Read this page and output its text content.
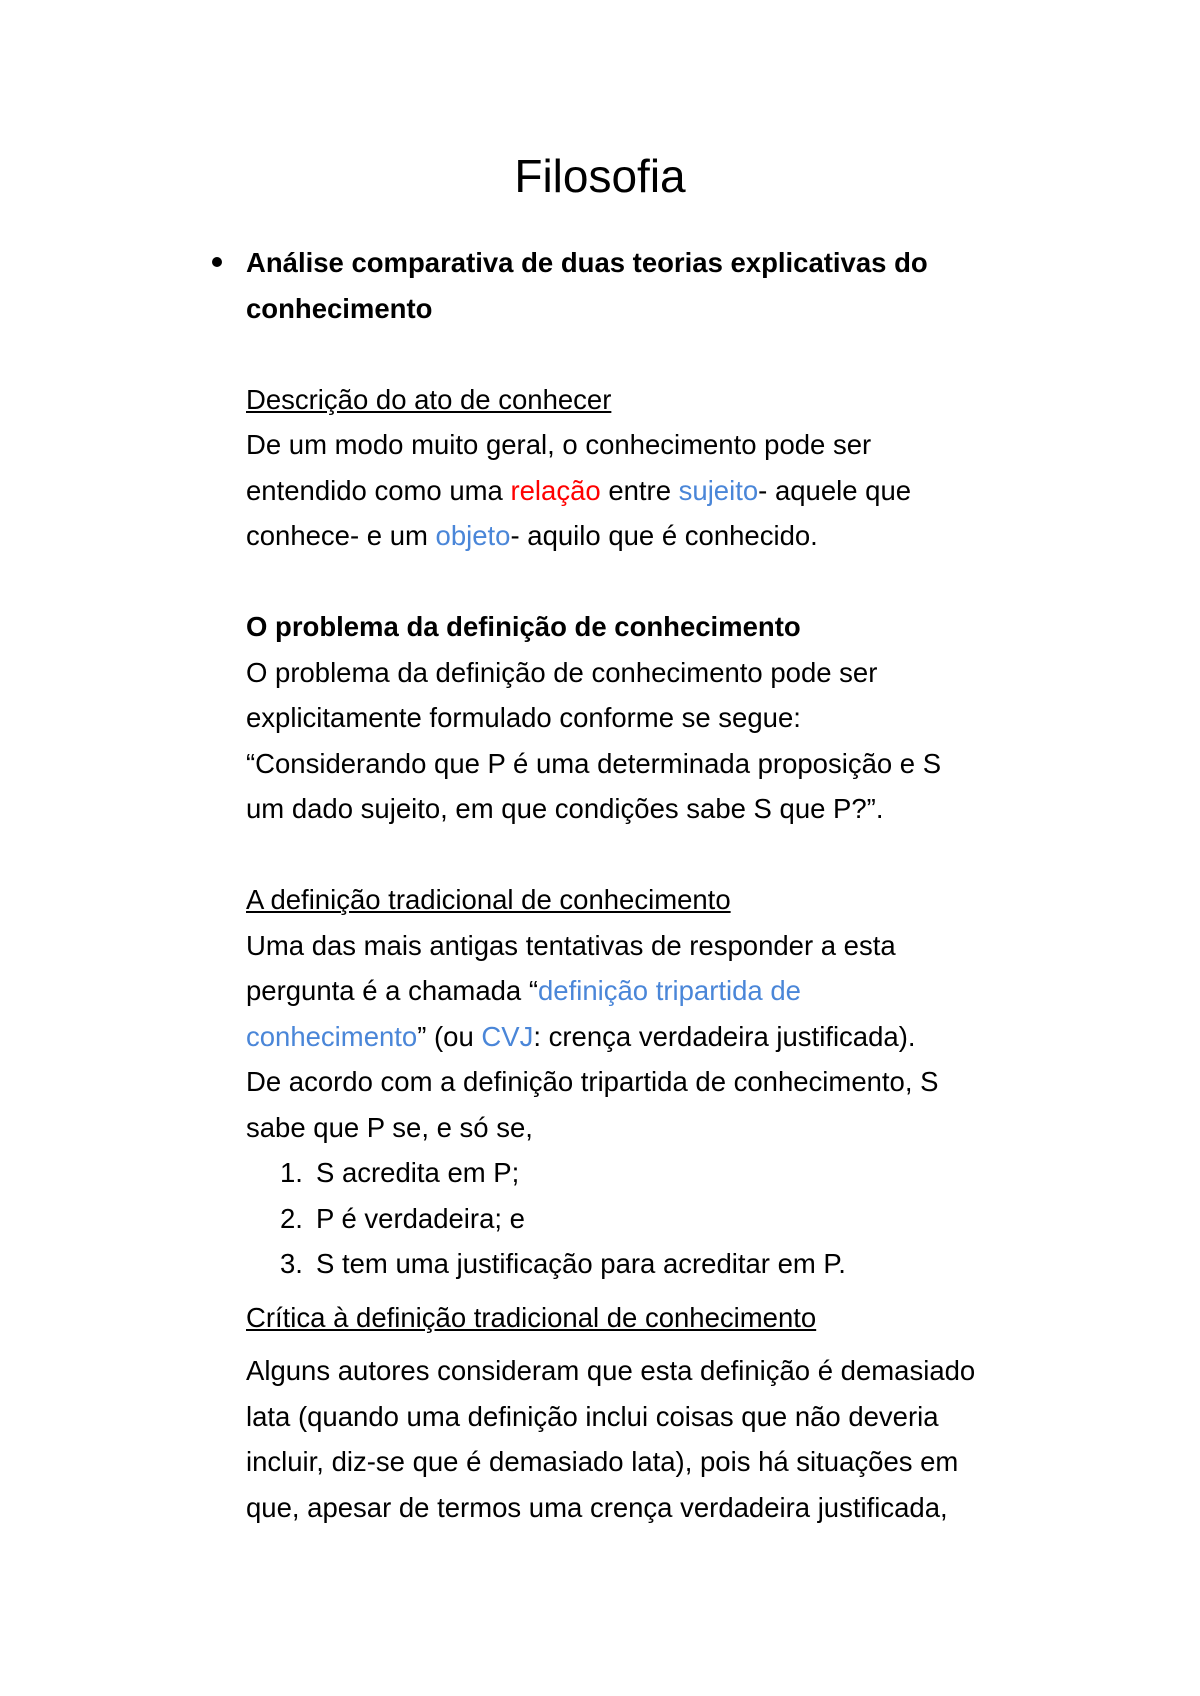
Filosofia

Análise comparativa de duas teorias explicativas do

conhecimento

Descrição do ato de conhecer

De um modo muito geral, o conhecimento pode ser

entendido como uma relação entre sujeito- aquele que

conhece- e um objeto- aquilo que é conhecido.

O problema da definição de conhecimento

O problema da definição de conhecimento pode ser

explicitamente formulado conforme se segue:

“Considerando que P é uma determinada proposição e S

um dado sujeito, em que condições sabe S que P?”.

A definição tradicional de conhecimento

Uma das mais antigas tentativas de responder a esta

pergunta é a chamada “definição tripartida de

conhecimento” (ou CVJ: crença verdadeira justificada).

De acordo com a definição tripartida de conhecimento, S

sabe que P se, e só se,

1. S acredita em P;
2. P é verdadeira; e
3. S tem uma justificação para acreditar em P.

Crítica à definição tradicional de conhecimento

Alguns autores consideram que esta definição é demasiado

lata (quando uma definição inclui coisas que não deveria

incluir, diz-se que é demasiado lata), pois há situações em

que, apesar de termos uma crença verdadeira justificada,
